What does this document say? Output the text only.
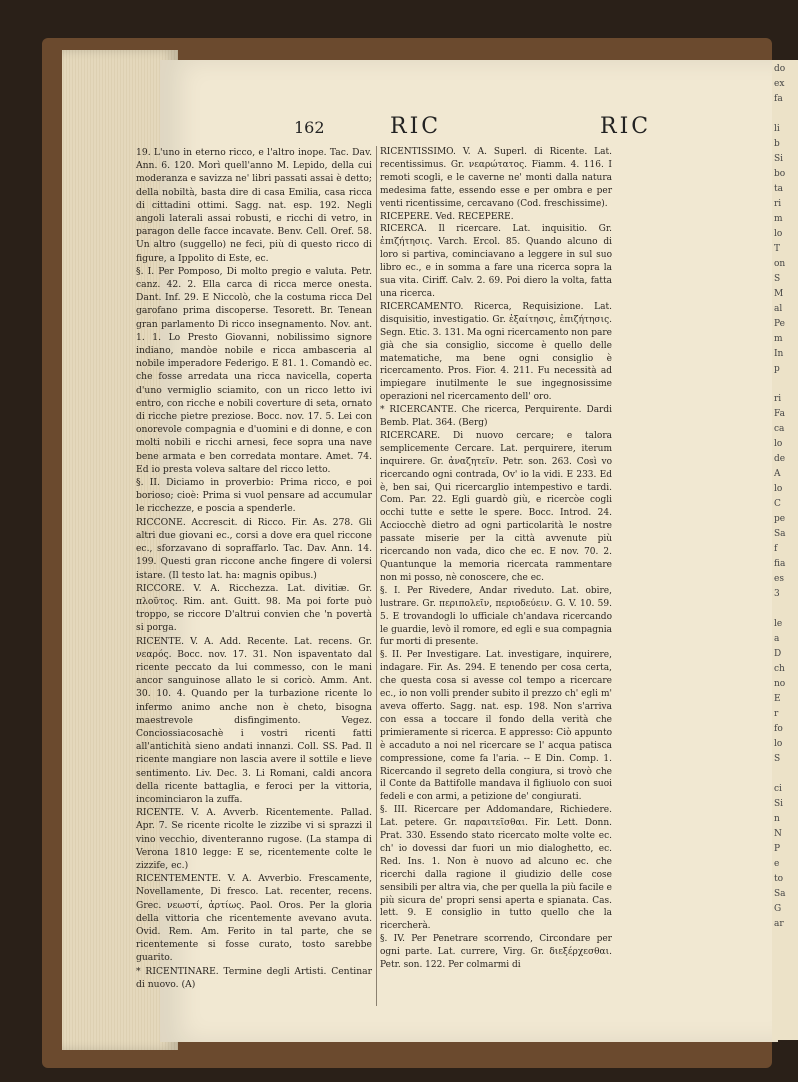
162	RIC	RIC

19. L'uno in eterno ricco, e l'altro inope. Tac. Dav. Ann. 6. 120. Morì quell'anno M. Lepido, della cui moderanza e savizza ne' libri passati assai è detto; della nobiltà, basta dire di casa Emilia, casa ricca di cittadini ottimi. Sagg. nat. esp. 192. Negli angoli laterali assai robusti, e ricchi di vetro, in paragon delle facce incavate. Benv. Cell. Oref. 58. Un altro (suggello) ne feci, più di questo ricco di figure, a Ippolito di Este, ec.

§. I. Per Pomposo, Di molto pregio e valuta. Petr. canz. 42. 2. Ella carca di ricca merce onesta. Dant. Inf. 29. E Niccolò, che la costuma ricca Del garofano prima discoperse. Tesorett. Br. Tenean gran parlamento Di ricco insegnamento. Nov. ant. 1. 1. Lo Presto Giovanni, nobilissimo signore indiano, mandòe nobile e ricca ambasceria al nobile imperadore Federigo. E 81. 1. Comandò ec. che fosse arredata una ricca navicella, coperta d'uno vermiglio sciamito, con un ricco letto ivi entro, con ricche e nobili coverture di seta, ornato di ricche pietre preziose. Bocc. nov. 17. 5. Lei con onorevole compagnia e d'uomini e di donne, e con molti nobili e ricchi arnesi, fece sopra una nave bene armata e ben corredata montare. Amet. 74. Ed io presta voleva saltare del ricco letto.

§. II. Diciamo in proverbio: Prima ricco, e poi borioso; cioè: Prima si vuol pensare ad accumular le ricchezze, e poscia a spenderle.

RICCONE. Accrescit. di Ricco. Fir. As. 278. Gli altri due giovani ec., corsi a dove era quel riccone ec., sforzavano di sopraffarlo. Tac. Dav. Ann. 14. 199. Questi gran riccone anche fingere di volersi istare. (Il testo lat. ha: magnis opibus.)

RICCORE. V. A. Ricchezza. Lat. divitiæ. Gr. πλοῦτος. Rim. ant. Guitt. 98. Ma poi forte può troppo, se riccore D'altrui convien che 'n povertà si porga.

RICENTE. V. A. Add. Recente. Lat. recens. Gr. νεαρός. Bocc. nov. 17. 31. Non ispaventato dal ricente peccato da lui commesso, con le mani ancor sanguinose allato le si coricò. Amm. Ant. 30. 10. 4. Quando per la turbazione ricente lo infermo animo anche non è cheto, bisogna maestrevole disfingimento. Vegez. Conciossiacosachè i vostri ricenti fatti all'antichità sieno andati innanzi. Coll. SS. Pad. Il ricente mangiare non lascia avere il sottile e lieve sentimento. Liv. Dec. 3. Li Romani, caldi ancora della ricente battaglia, e feroci per la vittoria, incominciaron la zuffa.

RICENTE. V. A. Avverb. Ricentemente. Pallad. Apr. 7. Se ricente ricolte le zizzibe vi si sprazzi il vino vecchio, diventeranno rugose. (La stampa di Verona 1810 legge: E se, ricentemente colte le zizzife, ec.)

RICENTEMENTE. V. A. Avverbio. Frescamente, Novellamente, Di fresco. Lat. recenter, recens. Grec. νεωστί, ἀρτίως. Paol. Oros. Per la gloria della vittoria che ricentemente avevano avuta. Ovid. Rem. Am. Ferito in tal parte, che se ricentemente si fosse curato, tosto sarebbe guarito.

* RICENTINARE. Termine degli Artisti. Centinar di nuovo. (A)

RICENTISSIMO. V. A. Superl. di Ricente. Lat. recentissimus. Gr. νεαρώτατος. Fiamm. 4. 116. I remoti scogli, e le caverne ne' monti dalla natura medesima fatte, essendo esse e per ombra e per venti ricentissime, cercavano (Cod. freschissime).

RICEPERE. Ved. RECEPERE.

RICERCA. Il ricercare. Lat. inquisitio. Gr. ἐπιζήτησις. Varch. Ercol. 85. Quando alcuno di loro si partiva, cominciavano a leggere in sul suo libro ec., e in somma a fare una ricerca sopra la sua vita. Ciriff. Calv. 2. 69. Poi diero la volta, fatta una ricerca.

RICERCAMENTO. Ricerca, Requisizione. Lat. disquisitio, investigatio. Gr. ἐξαίτησις, ἐπιζήτησις. Segn. Etic. 3. 131. Ma ogni ricercamento non pare già che sia consiglio, siccome è quello delle matematiche, ma bene ogni consiglio è ricercamento. Pros. Fior. 4. 211. Fu necessità ad impiegare inutilmente le sue ingegnosissime operazioni nel ricercamento dell' oro.

* RICERCANTE. Che ricerca, Perquirente. Dardi Bemb. Plat. 364. (Berg)

RICERCARE. Di nuovo cercare; e talora semplicemente Cercare. Lat. perquirere, iterum inquirere. Gr. ἀναζητεῖν. Petr. son. 263. Così vo ricercando ogni contrada, Ov' io la vidi. E 233. Ed è, ben sai, Qui ricercarglio intempestivo e tardi. Com. Par. 22. Egli guardò giù, e ricercòe cogli occhi tutte e sette le spere. Bocc. Introd. 24. Acciocchè dietro ad ogni particolarità le nostre passate miserie per la città avvenute più ricercando non vada, dico che ec. E nov. 70. 2. Quantunque la memoria ricercata rammentare non mi posso, nè conoscere, che ec.

§. I. Per Rivedere, Andar riveduto. Lat. obire, lustrare. Gr. περιπολεῖν, περιοδεύειν. G. V. 10. 59. 5. E trovandogli lo ufficiale ch'andava ricercando le guardie, levò il romore, ed egli e sua compagnia fur morti di presente.

§. II. Per Investigare. Lat. investigare, inquirere, indagare. Fir. As. 294. E tenendo per cosa certa, che questa cosa si avesse col tempo a ricercare ec., io non volli prender subito il prezzo ch' egli m' aveva offerto. Sagg. nat. esp. 198. Non s'arriva con essa a toccare il fondo della verità che primieramente si ricerca. E appresso: Ciò appunto è accaduto a noi nel ricercare se l' acqua patisca compressione, come fa l'aria. -- E Din. Comp. 1. Ricercando il segreto della congiura, si trovò che il Conte da Battifolle mandava il figliuolo con suoi fedeli e con armi, a petizione de' congiurati.

§. III. Ricercare per Addomandare, Richiedere. Lat. petere. Gr. παραιτεῖσθαι. Fir. Lett. Donn. Prat. 330. Essendo stato ricercato molte volte ec. ch' io dovessi dar fuori un mio dialoghetto, ec. Red. Ins. 1. Non è nuovo ad alcuno ec. che ricerchi dalla ragione il giudizio delle cose sensibili per altra via, che per quella la più facile e più sicura de' propri sensi aperta e spianata. Cas. lett. 9. E consiglio in tutto quello che la ricercherà.

§. IV. Per Penetrare scorrendo, Circondare per ogni parte. Lat. currere, Virg. Gr. διεξέρχεσθαι. Petr. son. 122. Per colmarmi di

do
ex
fa
li
b
Si
bo
ta
ri
m
lo
T
on
S
M
al
Pe
m
In
p
ri
Fa
ca
lo
de
A
lo
C
pe
Sa
f
fia
es
3
le
a
D
ch
no
E
r
fo
lo
S
ci
Si
n
N
P
e
to
Sa
G
ar
